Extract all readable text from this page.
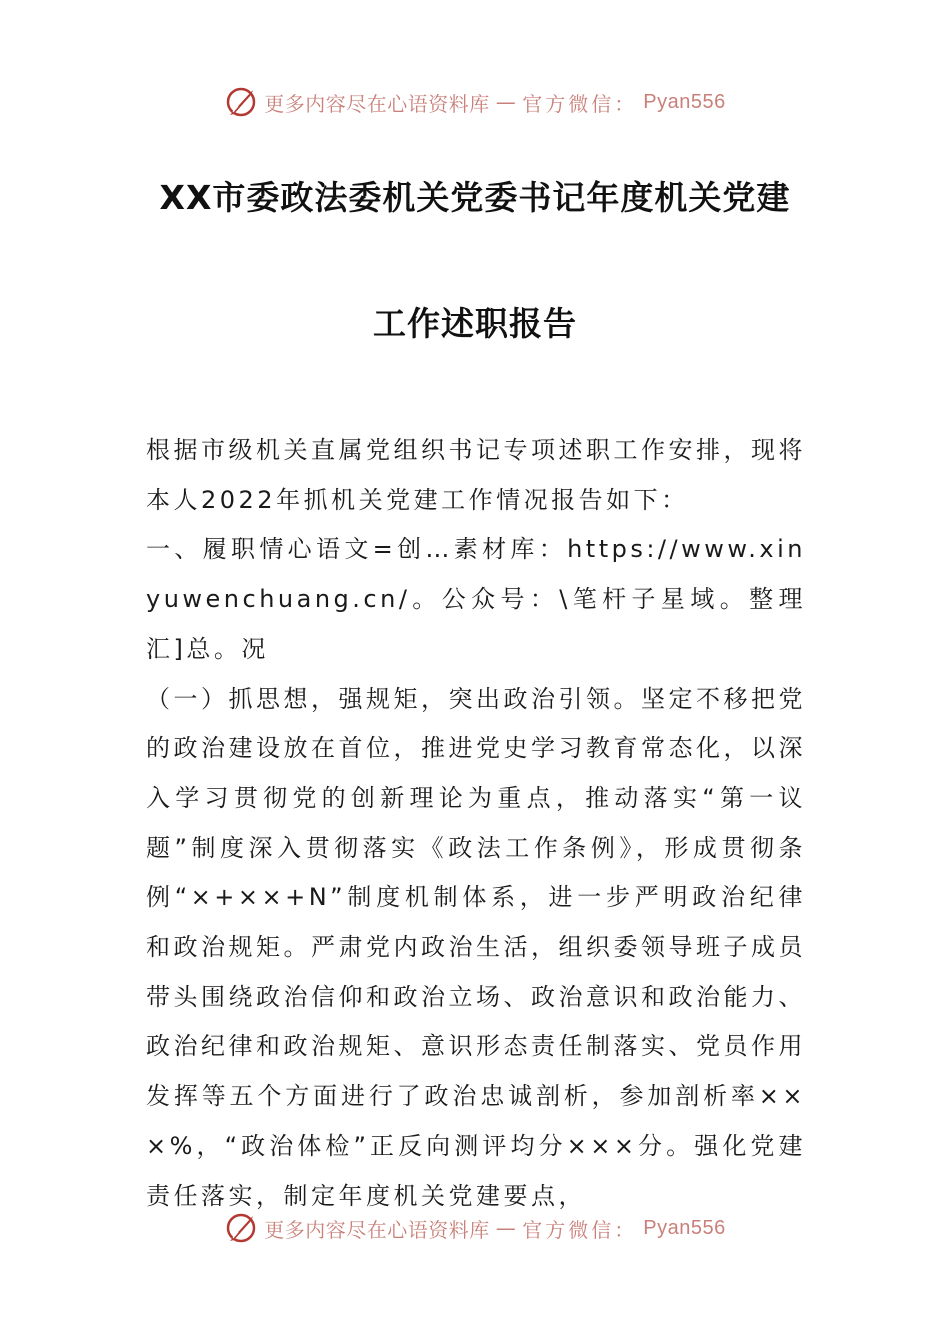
更多内容尽在心语资料库 — 官方微信： Pyan556
XX市委政法委机关党委书记年度机关党建
工作述职报告

根据市级机关直属党组织书记专项述职工作安排，现将本人2022年抓机关党建工作情况报告如下：

一、履职情心语文=创…素材库：https://www.xinyuwenchuang.cn/。公众号：\笔杆子星域。整理汇]总。况

（一）抓思想，强规矩，突出政治引领。坚定不移把党的政治建设放在首位，推进党史学习教育常态化，以深入学习贯彻党的创新理论为重点，推动落实“第一议题”制度深入贯彻落实《政法工作条例》，形成贯彻条例“×+××+N”制度机制体系，进一步严明政治纪律和政治规矩。严肃党内政治生活，组织委领导班子成员带头围绕政治信仰和政治立场、政治意识和政治能力、政治纪律和政治规矩、意识形态责任制落实、党员作用发挥等五个方面进行了政治忠诚剖析，参加剖析率×××%，“政治体检”正反向测评均分×××分。强化党建责任落实，制定年度机关党建要点，

更多内容尽在心语资料库 — 官方微信： Pyan556
